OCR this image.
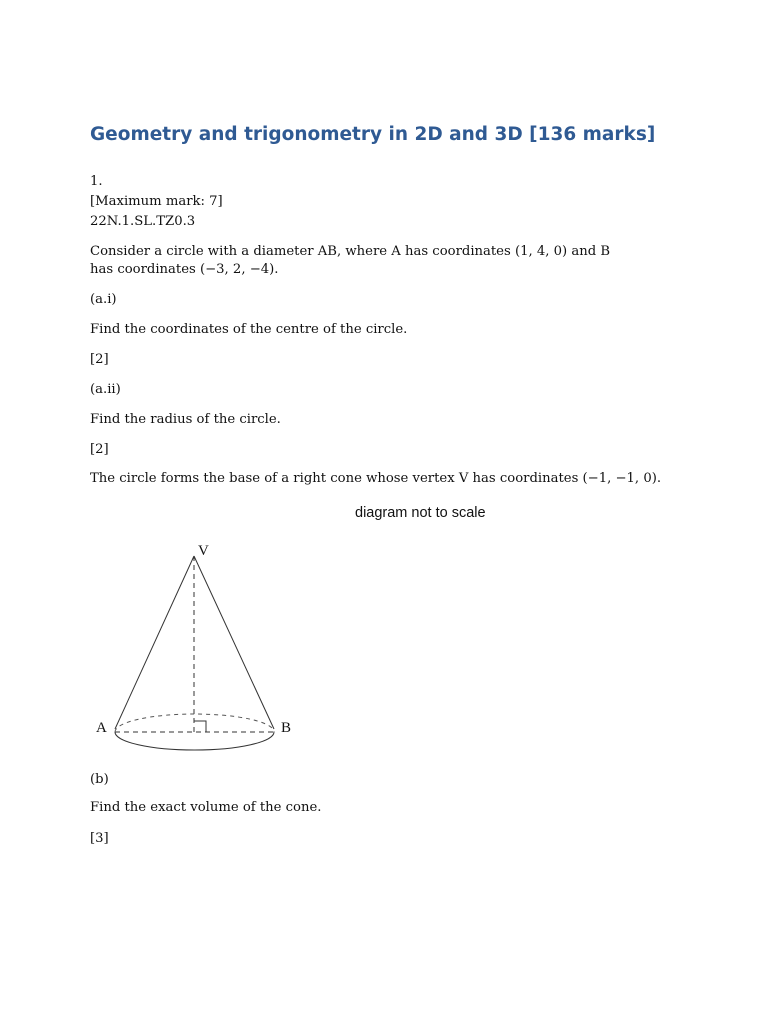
Geometry and trigonometry in 2D and 3D [136 marks]
1.
[Maximum mark: 7]
22N.1.SL.TZ0.3
Consider a circle with a diameter AB, where A has coordinates (1, 4, 0) and B
has coordinates (−3, 2, −4).
(a.i)
Find the coordinates of the centre of the circle.
[2]
(a.ii)
Find the radius of the circle.
[2]
The circle forms the base of a right cone whose vertex V has coordinates (−1, −1, 0).
diagram not to scale
V
A	B
(b)
Find the exact volume of the cone.
[3]
